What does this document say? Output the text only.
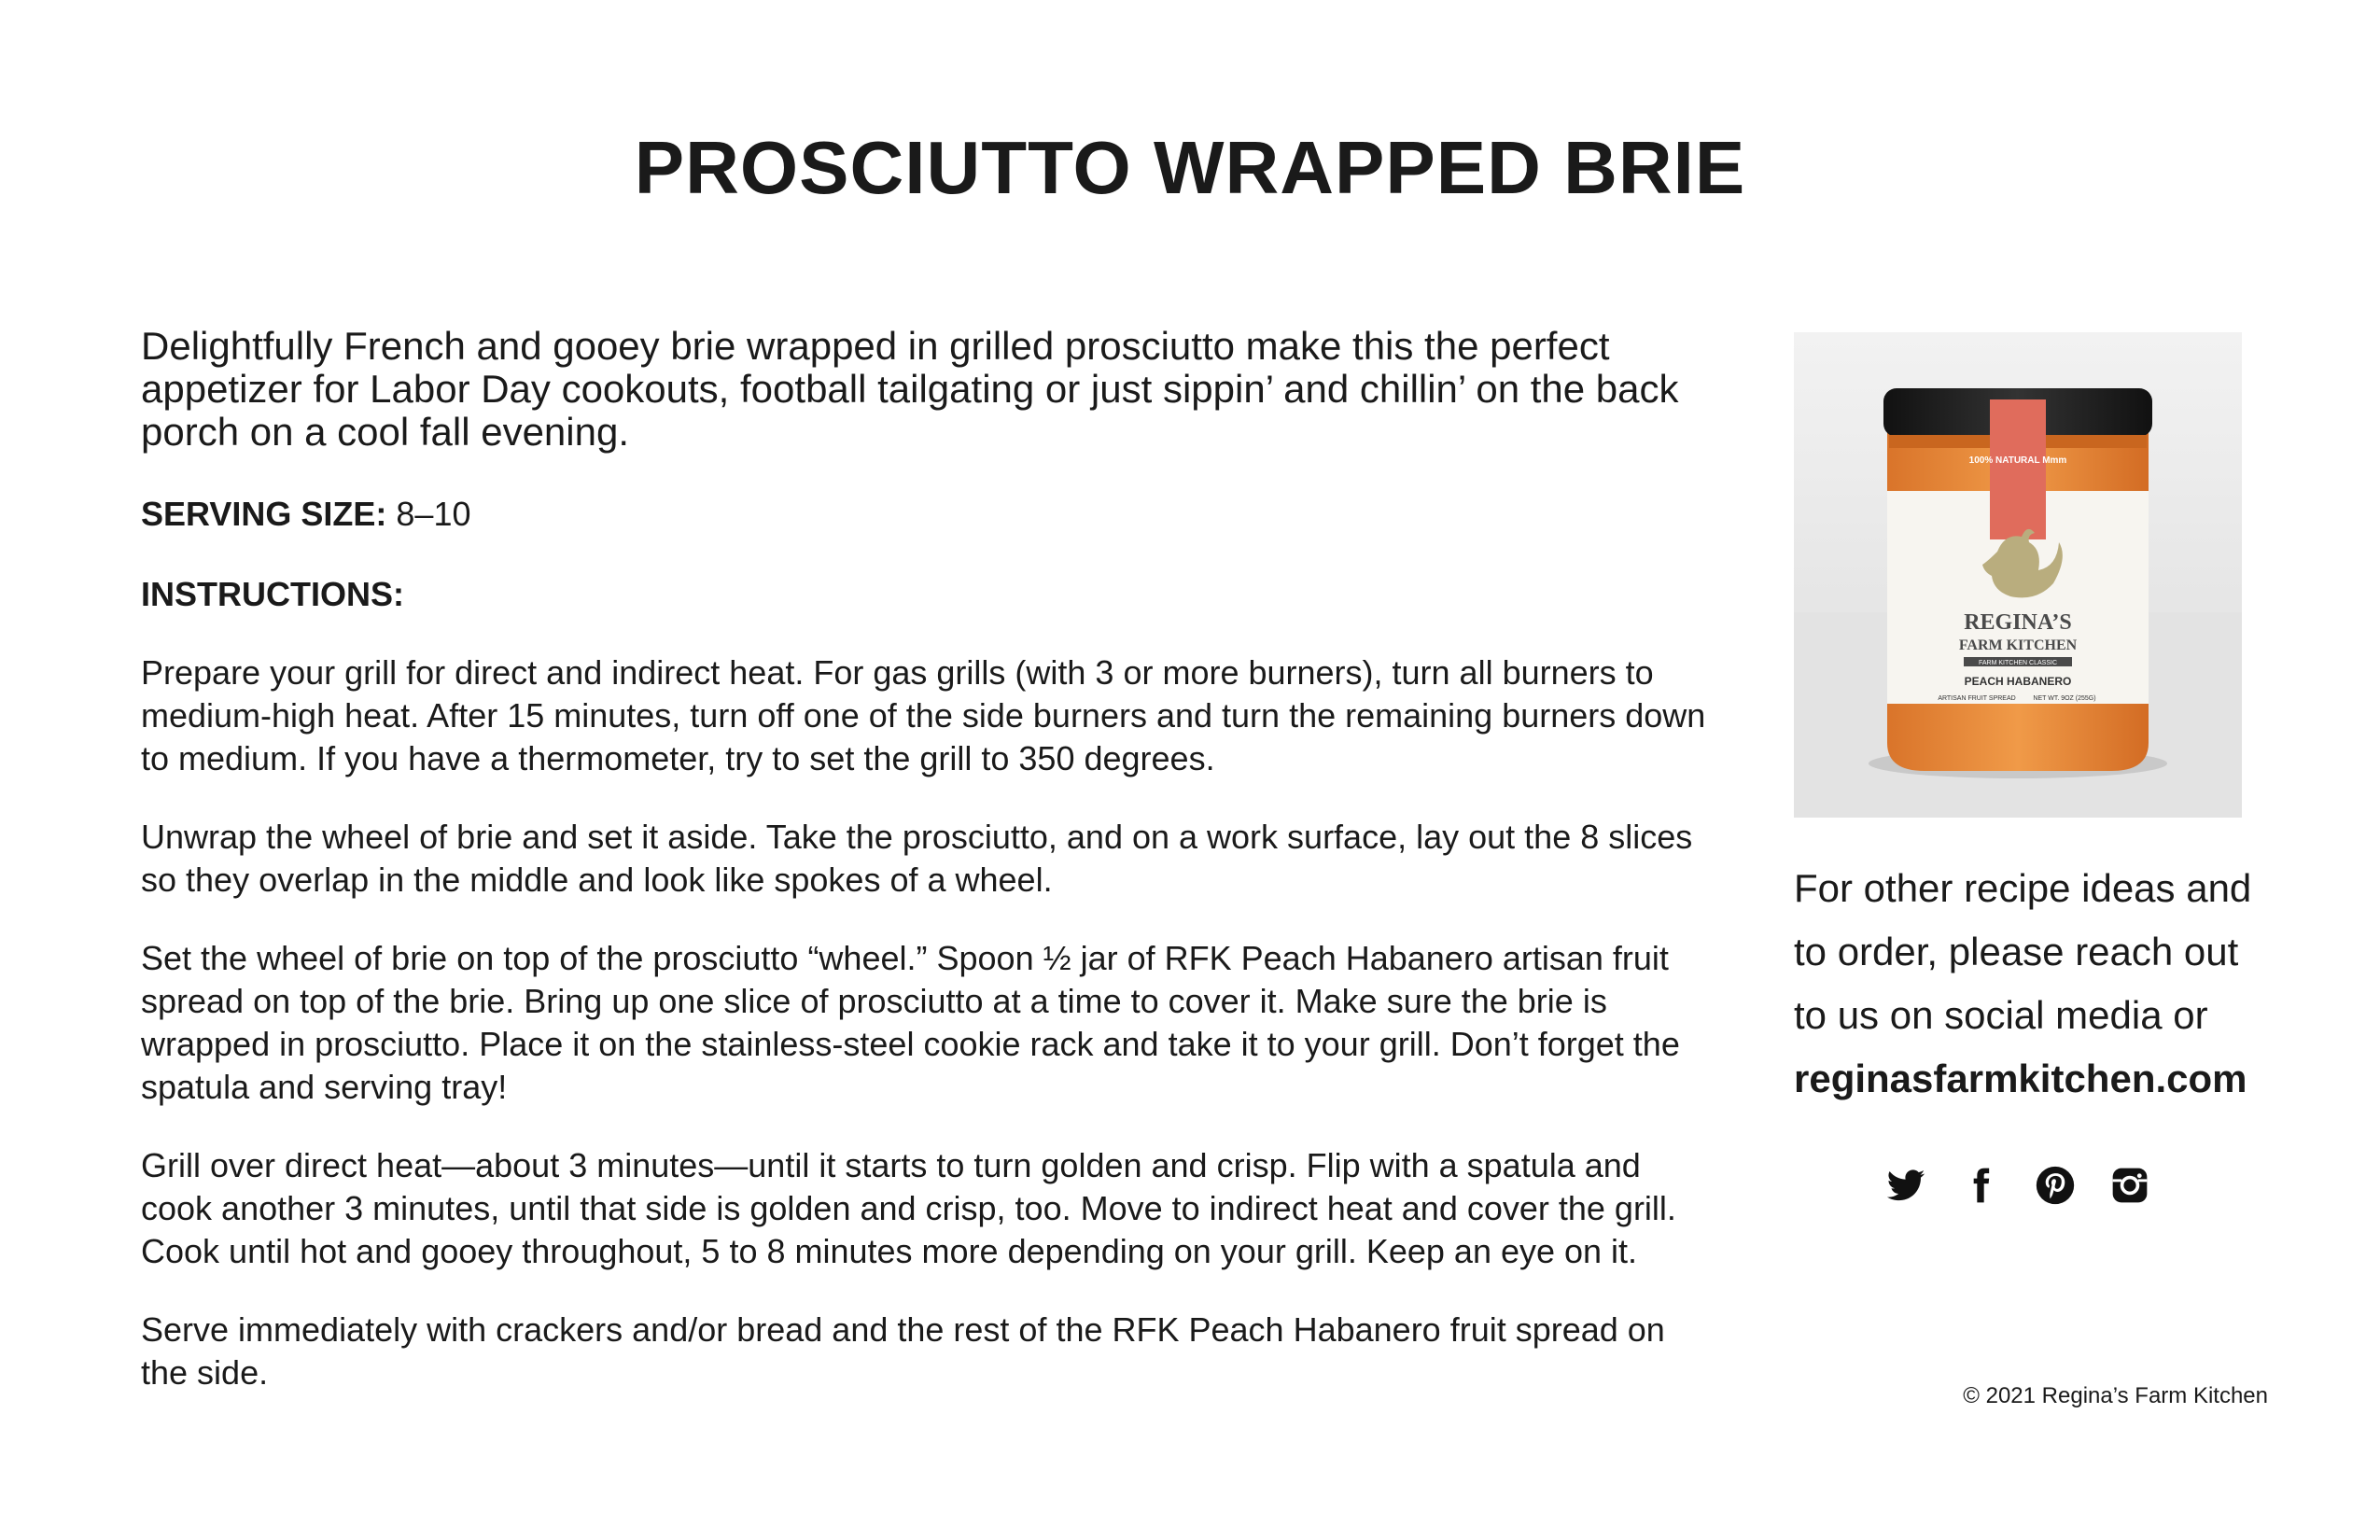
PROSCIUTTO WRAPPED BRIE

Delightfully French and gooey brie wrapped in grilled prosciutto make this the perfect appetizer for Labor Day cookouts, football tailgating or just sippin’ and chillin’ on the back porch on a cool fall evening.

SERVING SIZE: 8–10

INSTRUCTIONS:

Prepare your grill for direct and indirect heat. For gas grills (with 3 or more burners), turn all burners to medium-high heat. After 15 minutes, turn off one of the side burners and turn the remaining burners down to medium. If you have a thermometer, try to set the grill to 350 degrees.

Unwrap the wheel of brie and set it aside. Take the prosciutto, and on a work surface, lay out the 8 slices so they overlap in the middle and look like spokes of a wheel.

Set the wheel of brie on top of the prosciutto “wheel.” Spoon ½ jar of RFK Peach Habanero artisan fruit spread on top of the brie. Bring up one slice of prosciutto at a time to cover it. Make sure the brie is wrapped in prosciutto. Place it on the stainless-steel cookie rack and take it to your grill. Don’t forget the spatula and serving tray!

Grill over direct heat—about 3 minutes—until it starts to turn golden and crisp. Flip with a spatula and cook another 3 minutes, until that side is golden and crisp, too. Move to indirect heat and cover the grill. Cook until hot and gooey throughout, 5 to 8 minutes more depending on your grill. Keep an eye on it.

Serve immediately with crackers and/or bread and the rest of the RFK Peach Habanero fruit spread on the side.

100% NATURAL Mmm
REGINA’S
FARM KITCHEN
FARM KITCHEN CLASSIC
PEACH HABANERO
ARTISAN FRUIT SPREAD	NET WT. 9OZ (255G)
For other recipe ideas and to order, please reach out to us on social media or
reginasfarmkitchen.com
© 2021 Regina’s Farm Kitchen
